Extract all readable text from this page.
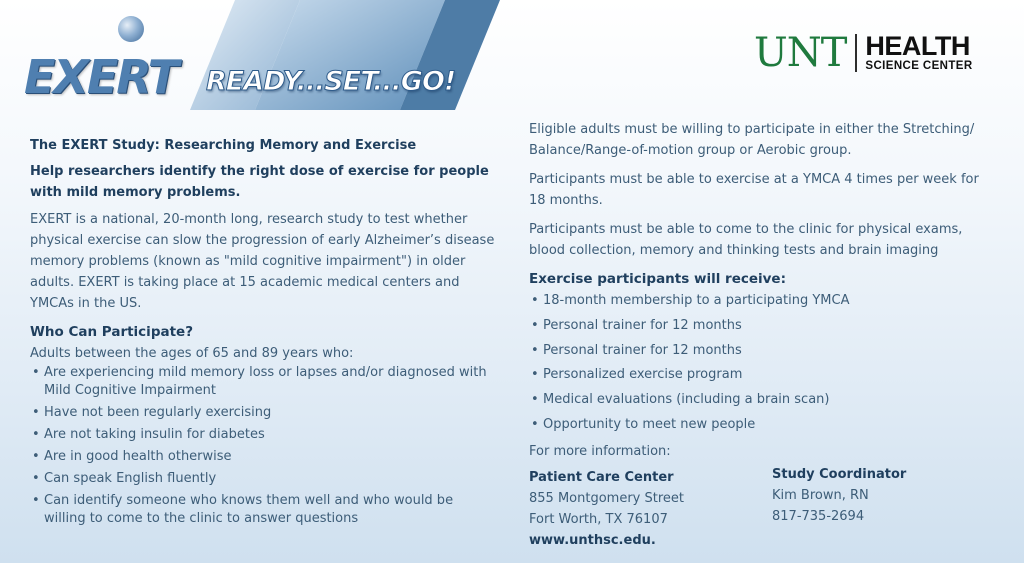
EXERT READY...SET...GO!
UNT HEALTH
SCIENCE CENTER

The EXERT Study: Researching Memory and Exercise

Help researchers identify the right dose of exercise for people with mild memory problems.

EXERT is a national, 20-month long, research study to test whether physical exercise can slow the progression of early Alzheimer’s disease memory problems (known as "mild cognitive impairment") in older adults. EXERT is taking place at 15 academic medical centers and YMCAs in the US.

Who Can Participate?

Adults between the ages of 65 and 89 years who:

• Are experiencing mild memory loss or lapses and/or diagnosed with Mild Cognitive Impairment
• Have not been regularly exercising
• Are not taking insulin for diabetes
• Are in good health otherwise
• Can speak English fluently
• Can identify someone who knows them well and who would be willing to come to the clinic to answer questions

Eligible adults must be willing to participate in either the Stretching/ Balance/Range-of-motion group or Aerobic group.

Participants must be able to exercise at a YMCA 4 times per week for 18 months.

Participants must be able to come to the clinic for physical exams, blood collection, memory and thinking tests and brain imaging

Exercise participants will receive:

• 18-month membership to a participating YMCA
• Personal trainer for 12 months
• Personal trainer for 12 months
• Personalized exercise program
• Medical evaluations (including a brain scan)
• Opportunity to meet new people

For more information:

Patient Care Center
855 Montgomery Street
Fort Worth, TX 76107
www.unthsc.edu.
Study Coordinator
Kim Brown, RN
817-735-2694
